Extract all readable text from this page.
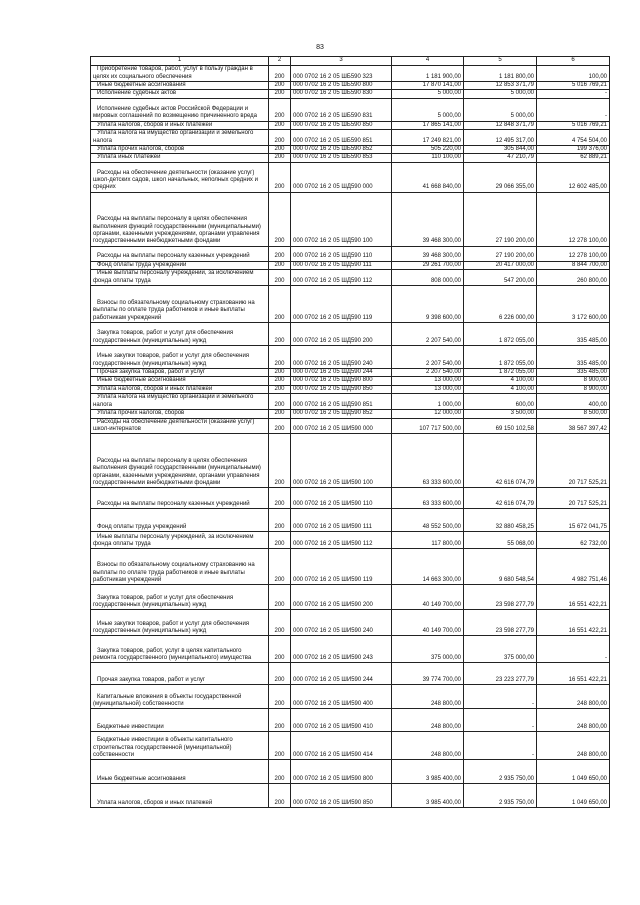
83
1	2	3	4	5	6
Приобретение товаров, работ, услуг в пользу граждан в целях их социального обеспечения	200	000 0702 16 2 05 ШБ590 323	1 181 900,00	1 181 800,00	100,00
Иные бюджетные ассигнования	200	000 0702 16 2 05 ШБ590 800	17 870 141,00	12 853 371,79	5 016 769,21
Исполнение судебных актов	200	000 0702 16 2 05 ШБ590 830	5 000,00	5 000,00	-
Исполнение судебных актов Российской Федерации и мировых соглашений по возмещению причиненного вреда	200	000 0702 16 2 05 ШБ590 831	5 000,00	5 000,00	-
Уплата налогов, сборов и иных платежей	200	000 0702 16 2 05 ШБ590 850	17 865 141,00	12 848 371,79	5 016 769,21
Уплата налога на имущество организаций и земельного налога	200	000 0702 16 2 05 ШБ590 851	17 249 821,00	12 495 317,00	4 754 504,00
Уплата прочих налогов, сборов	200	000 0702 16 2 05 ШБ590 852	505 220,00	305 844,00	199 376,00
Уплата иных платежей	200	000 0702 16 2 05 ШБ590 853	110 100,00	47 210,79	62 889,21
Расходы на обеспечение деятельности (оказание услуг) школ-детских садов, школ начальных, неполных средних и средних	200	000 0702 16 2 05 ШД590 000	41 668 840,00	29 066 355,00	12 602 485,00
Расходы на выплаты персоналу в целях обеспечения выполнения функций государственными (муниципальными) органами, казенными учреждениями, органами управления государственными внебюджетными фондами	200	000 0702 16 2 05 ШД590 100	39 468 300,00	27 190 200,00	12 278 100,00
Расходы на выплаты персоналу казенных учреждений	200	000 0702 16 2 05 ШД590 110	39 468 300,00	27 190 200,00	12 278 100,00
Фонд оплаты труда учреждений	200	000 0702 16 2 05 ШД590 111	29 261 700,00	20 417 000,00	8 844 700,00
Иные выплаты персоналу учреждений, за исключением фонда оплаты труда	200	000 0702 16 2 05 ШД590 112	808 000,00	547 200,00	260 800,00
Взносы по обязательному социальному страхованию на выплаты по оплате труда работников и иные выплаты работникам учреждений	200	000 0702 16 2 05 ШД590 119	9 398 600,00	6 226 000,00	3 172 600,00
Закупка товаров, работ и услуг для обеспечения государственных (муниципальных) нужд	200	000 0702 16 2 05 ШД590 200	2 207 540,00	1 872 055,00	335 485,00
Иные закупки товаров, работ и услуг для обеспечения государственных (муниципальных) нужд	200	000 0702 16 2 05 ШД590 240	2 207 540,00	1 872 055,00	335 485,00
Прочая закупка товаров, работ и услуг	200	000 0702 16 2 05 ШД590 244	2 207 540,00	1 872 055,00	335 485,00
Иные бюджетные ассигнования	200	000 0702 16 2 05 ШД590 800	13 000,00	4 100,00	8 900,00
Уплата налогов, сборов и иных платежей	200	000 0702 16 2 05 ШД590 850	13 000,00	4 100,00	8 900,00
Уплата налога на имущество организаций и земельного налога	200	000 0702 16 2 05 ШД590 851	1 000,00	600,00	400,00
Уплата прочих налогов, сборов	200	000 0702 16 2 05 ШД590 852	12 000,00	3 500,00	8 500,00
Расходы на обеспечение деятельности (оказание услуг) школ-интернатов	200	000 0702 16 2 05 ШИ590 000	107 717 500,00	69 150 102,58	38 567 397,42
Расходы на выплаты персоналу в целях обеспечения выполнения функций государственными (муниципальными) органами, казенными учреждениями, органами управления государственными внебюджетными фондами	200	000 0702 16 2 05 ШИ590 100	63 333 600,00	42 616 074,79	20 717 525,21
Расходы на выплаты персоналу казенных учреждений	200	000 0702 16 2 05 ШИ590 110	63 333 600,00	42 616 074,79	20 717 525,21
Фонд оплаты труда учреждений	200	000 0702 16 2 05 ШИ590 111	48 552 500,00	32 880 458,25	15 672 041,75
Иные выплаты персоналу учреждений, за исключением фонда оплаты труда	200	000 0702 16 2 05 ШИ590 112	117 800,00	55 068,00	62 732,00
Взносы по обязательному социальному страхованию на выплаты по оплате труда работников и иные выплаты работникам учреждений	200	000 0702 16 2 05 ШИ590 119	14 663 300,00	9 680 548,54	4 982 751,46
Закупка товаров, работ и услуг для обеспечения государственных (муниципальных) нужд	200	000 0702 16 2 05 ШИ590 200	40 149 700,00	23 598 277,79	16 551 422,21
Иные закупки товаров, работ и услуг для обеспечения государственных (муниципальных) нужд	200	000 0702 16 2 05 ШИ590 240	40 149 700,00	23 598 277,79	16 551 422,21
Закупка товаров, работ, услуг в целях капитального ремонта государственного (муниципального) имущества	200	000 0702 16 2 05 ШИ590 243	375 000,00	375 000,00	-
Прочая закупка товаров, работ и услуг	200	000 0702 16 2 05 ШИ590 244	39 774 700,00	23 223 277,79	16 551 422,21
Капитальные вложения в объекты государственной (муниципальной) собственности	200	000 0702 16 2 05 ШИ590 400	248 800,00	-	248 800,00
Бюджетные инвестиции	200	000 0702 16 2 05 ШИ590 410	248 800,00	-	248 800,00
Бюджетные инвестиции в объекты капитального строительства государственной (муниципальной) собственности	200	000 0702 16 2 05 ШИ590 414	248 800,00	-	248 800,00
Иные бюджетные ассигнования	200	000 0702 16 2 05 ШИ590 800	3 985 400,00	2 935 750,00	1 049 650,00
Уплата налогов, сборов и иных платежей	200	000 0702 16 2 05 ШИ590 850	3 985 400,00	2 935 750,00	1 049 650,00
